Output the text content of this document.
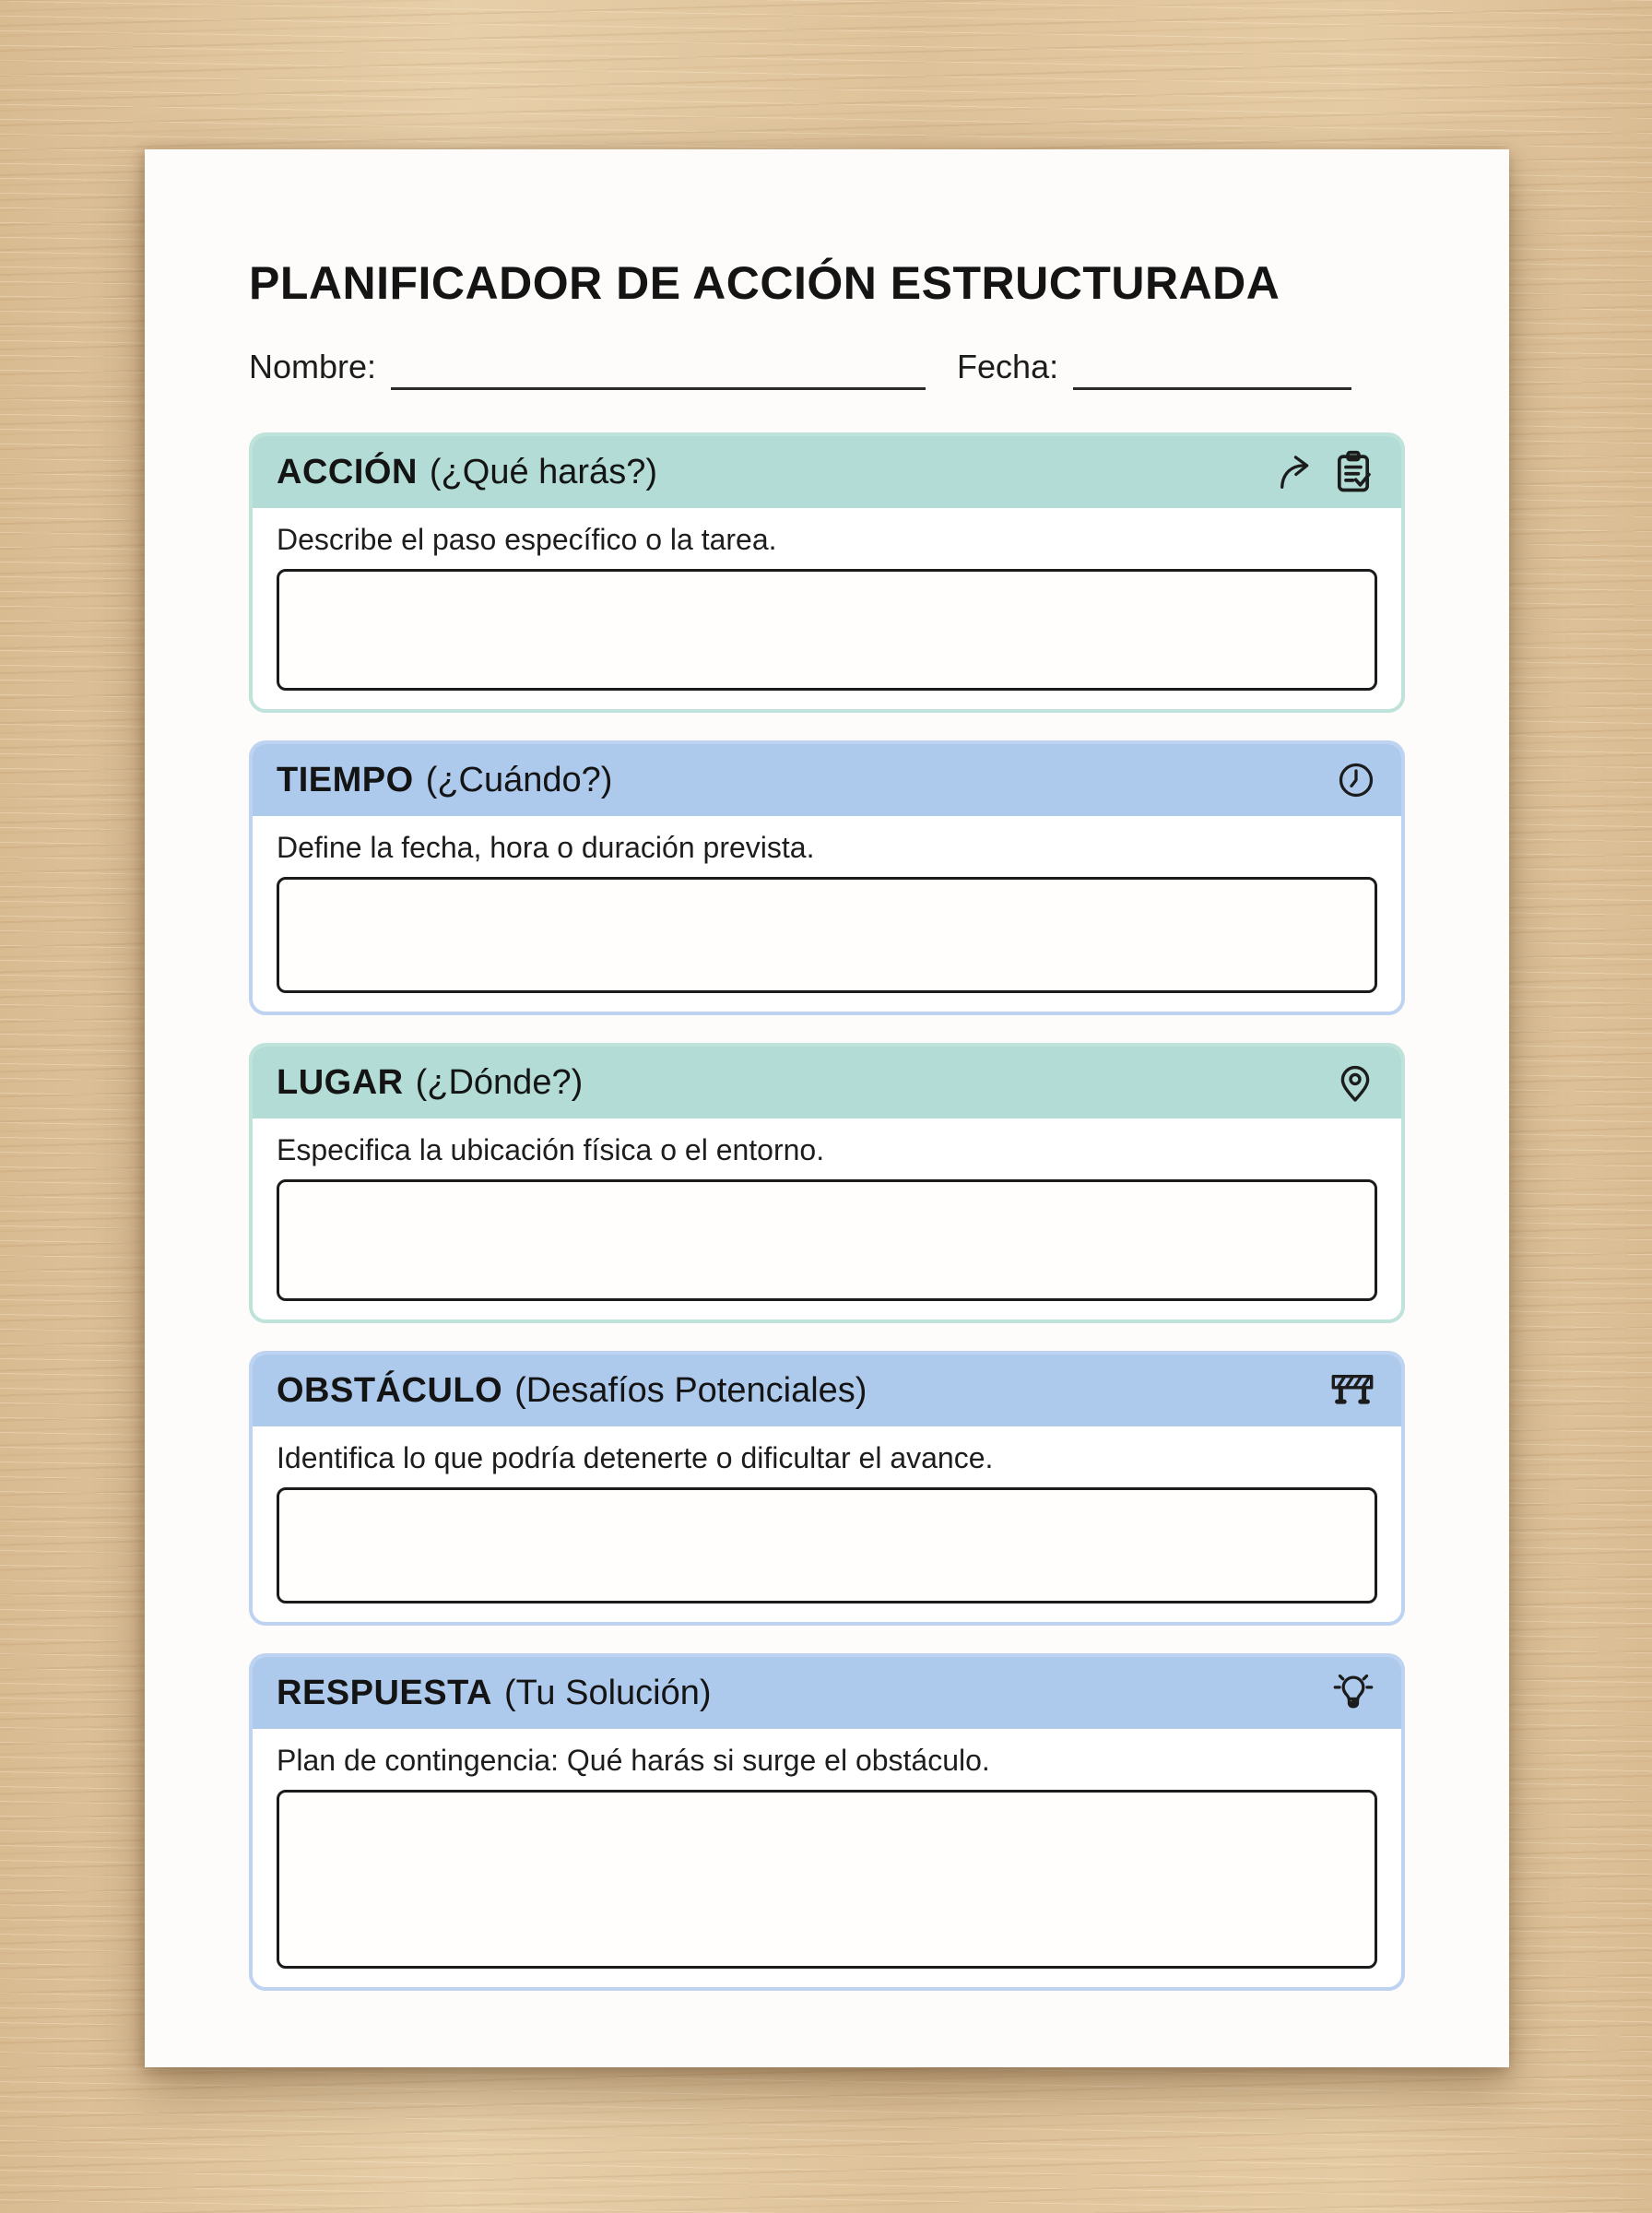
PLANIFICADOR DE ACCIÓN ESTRUCTURADA
Nombre:	Fecha:
ACCIÓN (¿Qué harás?)

Describe el paso específico o la tarea.

TIEMPO (¿Cuándo?)

Define la fecha, hora o duración prevista.

LUGAR (¿Dónde?)

Especifica la ubicación física o el entorno.

OBSTÁCULO (Desafíos Potenciales)

Identifica lo que podría detenerte o dificultar el avance.

RESPUESTA (Tu Solución)

Plan de contingencia: Qué harás si surge el obstáculo.
